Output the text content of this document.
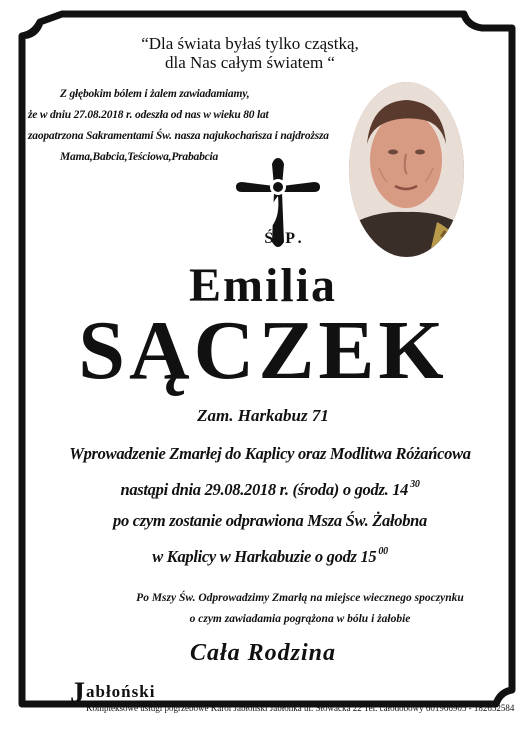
“Dla świata byłaś tylko cząstką,
dla Nas całym światem “
Z głębokim bólem i żalem zawiadamiamy,
że w dniu 27.08.2018 r. odeszła od nas w wieku 80 lat
zaopatrzona Sakramentami Św. nasza najukochańsza i najdroższa
Mama,Babcia,Teściowa,Prababcia
Ś.P.
Emilia
SĄCZEK
Zam. Harkabuz 71
Wprowadzenie Zmarłej do Kaplicy oraz Modlitwa Różańcowa
nastąpi dnia 29.08.2018 r. (środa) o godz. 14 $^{30}$
po czym zostanie odprawiona Msza Św. Żałobna
w Kaplicy w Harkabuzie o godz 15 $^{00}$
Po Mszy Św. Odprowadzimy Zmarłą na miejsce wiecznego spoczynku
o czym zawiadamia pogrążona w bólu i żałobie
Cała Rodzina
J abłoński
Kompleksowe usługi pogrzebowe Karol Jabłoński Jabłonka ul. Słowacka 22 Tel. całodobowy 601966905 - 182652584
